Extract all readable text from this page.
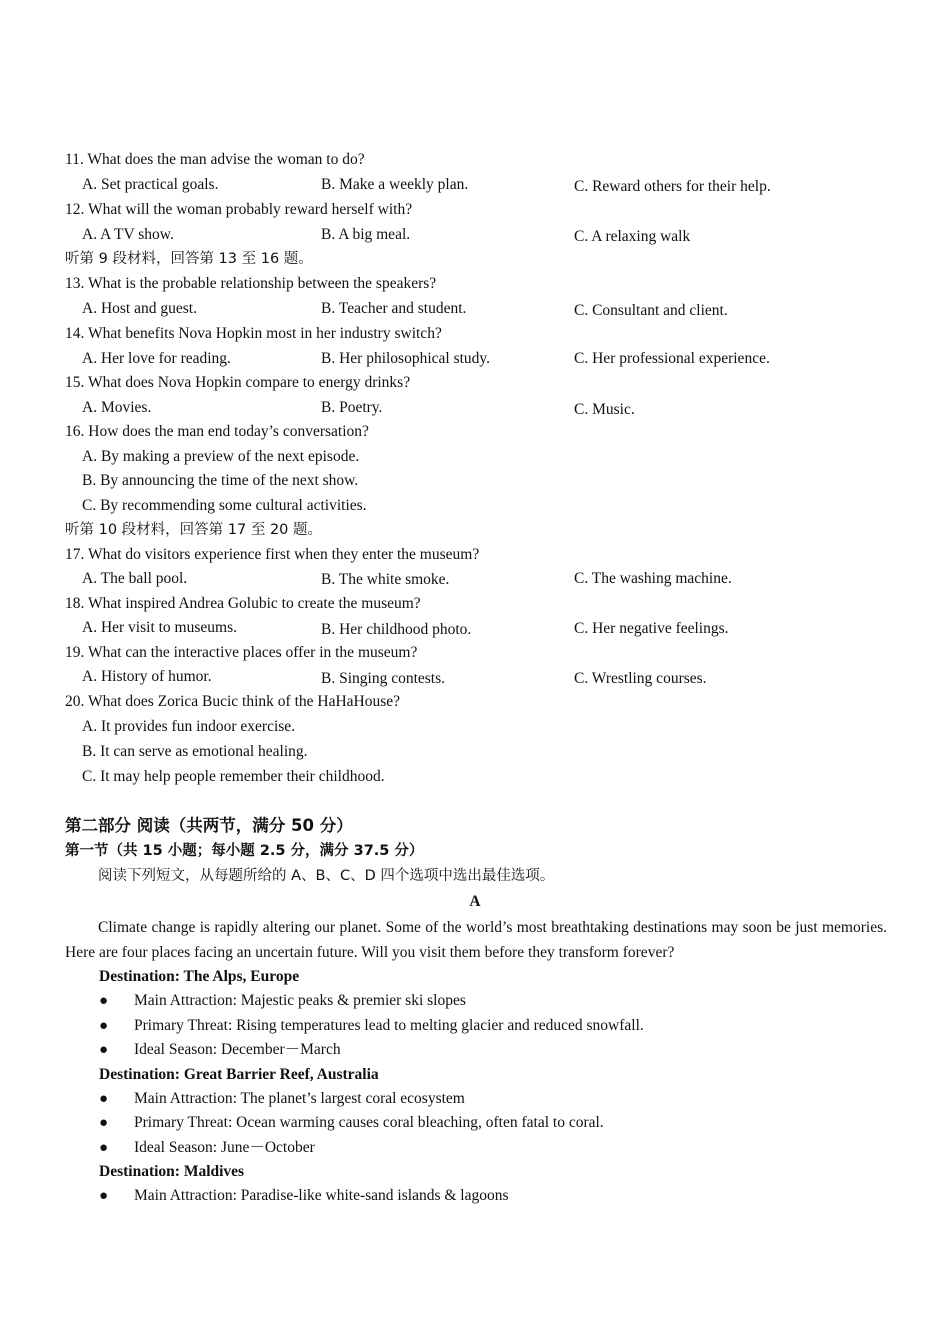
11. What does the man advise the woman to do?
A. Set practical goals.	B. Make a weekly plan.	C. Reward others for their help.
12. What will the woman probably reward herself with?
A. A TV show.	B. A big meal.	C. A relaxing walk
听第 9 段材料，回答第 13 至 16 题。
13. What is the probable relationship between the speakers?
A. Host and guest.	B. Teacher and student.	C. Consultant and client.
14. What benefits Nova Hopkin most in her industry switch?
A. Her love for reading.	B. Her philosophical study.	C. Her professional experience.
15. What does Nova Hopkin compare to energy drinks?
A. Movies.	B. Poetry.	C. Music.
16. How does the man end today’s conversation?
A. By making a preview of the next episode.
B. By announcing the time of the next show.
C. By recommending some cultural activities.
听第 10 段材料，回答第 17 至 20 题。
17. What do visitors experience first when they enter the museum?
A. The ball pool.	B. The white smoke.	C. The washing machine.
18. What inspired Andrea Golubic to create the museum?
A. Her visit to museums.	B. Her childhood photo.	C. Her negative feelings.
19. What can the interactive places offer in the museum?
A. History of humor.	B. Singing contests.	C. Wrestling courses.
20. What does Zorica Bucic think of the HaHaHouse?
A. It provides fun indoor exercise.
B. It can serve as emotional healing.
C. It may help people remember their childhood.
第二部分 阅读（共两节，满分 50 分）
第一节（共 15 小题；每小题 2.5 分，满分 37.5 分）
阅读下列短文，从每题所给的 A、B、C、D 四个选项中选出最佳选项。
A
Climate change is rapidly altering our planet. Some of the world’s most breathtaking destinations may soon be just memories. Here are four places facing an uncertain future. Will you visit them before they transform forever?
Destination: The Alps, Europe
● Main Attraction: Majestic peaks & premier ski slopes
● Primary Threat: Rising temperatures lead to melting glacier and reduced snowfall.
● Ideal Season: December－March
Destination: Great Barrier Reef, Australia
● Main Attraction: The planet’s largest coral ecosystem
● Primary Threat: Ocean warming causes coral bleaching, often fatal to coral.
● Ideal Season: June－October
Destination: Maldives
● Main Attraction: Paradise-like white-sand islands & lagoons
